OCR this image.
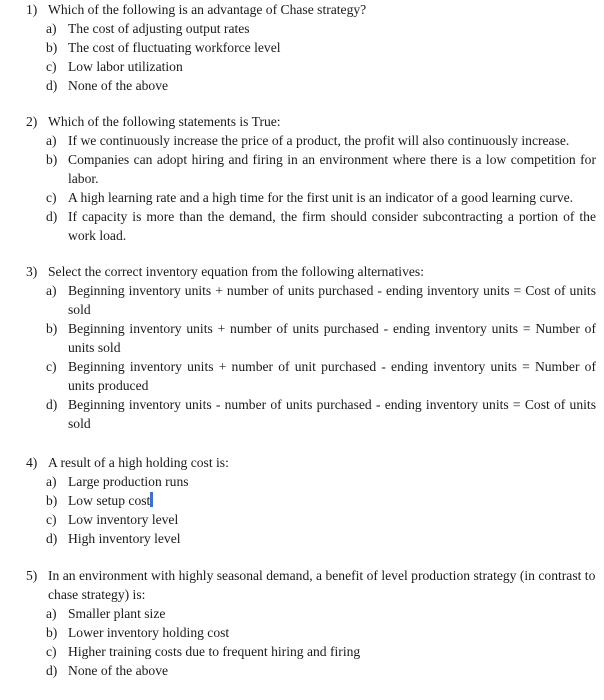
1) Which of the following is an advantage of Chase strategy?
a) The cost of adjusting output rates
b) The cost of fluctuating workforce level
c) Low labor utilization
d) None of the above
2) Which of the following statements is True:
a) If we continuously increase the price of a product, the profit will also continuously increase.
b) Companies can adopt hiring and firing in an environment where there is a low competition for labor.
c) A high learning rate and a high time for the first unit is an indicator of a good learning curve.
d) If capacity is more than the demand, the firm should consider subcontracting a portion of the work load.
3) Select the correct inventory equation from the following alternatives:
a) Beginning inventory units + number of units purchased - ending inventory units = Cost of units sold
b) Beginning inventory units + number of units purchased - ending inventory units = Number of units sold
c) Beginning inventory units + number of unit purchased - ending inventory units = Number of units produced
d) Beginning inventory units - number of units purchased - ending inventory units = Cost of units sold
4) A result of a high holding cost is:
a) Large production runs
b) Low setup cost
c) Low inventory level
d) High inventory level
5) In an environment with highly seasonal demand, a benefit of level production strategy (in contrast to chase strategy) is:
a) Smaller plant size
b) Lower inventory holding cost
c) Higher training costs due to frequent hiring and firing
d) None of the above
